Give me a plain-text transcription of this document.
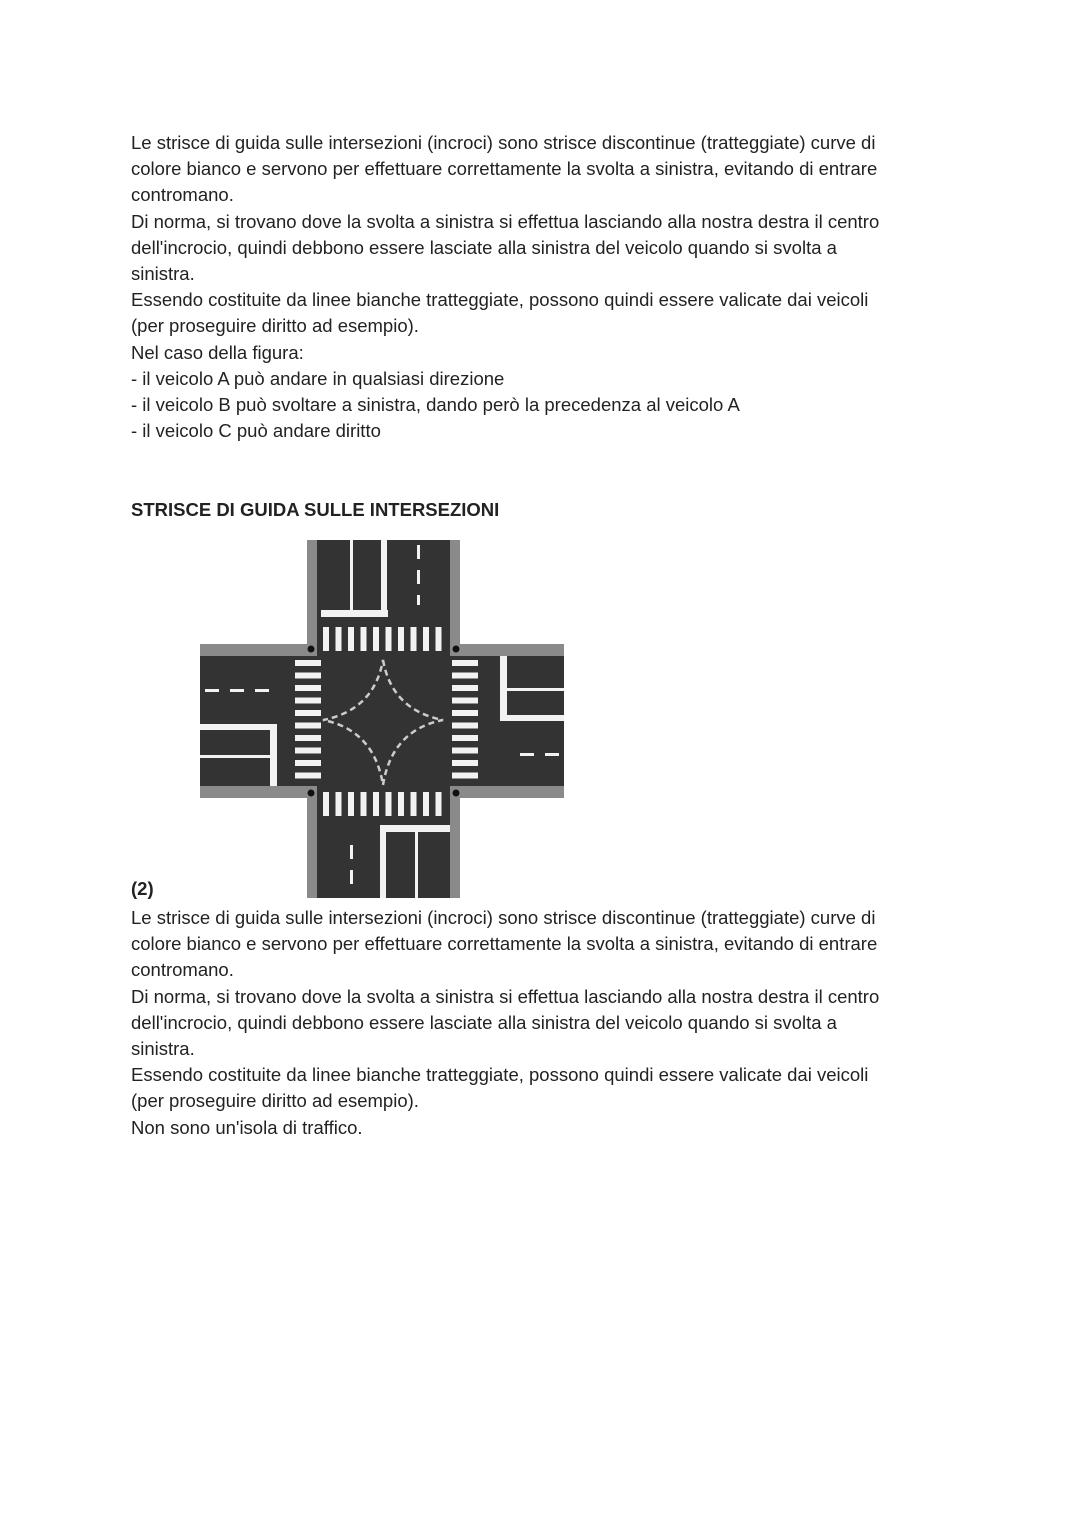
Le strisce di guida sulle intersezioni (incroci) sono strisce discontinue (tratteggiate) curve di
colore bianco e servono per effettuare correttamente la svolta a sinistra, evitando di entrare
contromano.
Di norma, si trovano dove la svolta a sinistra si effettua lasciando alla nostra destra il centro
dell'incrocio, quindi debbono essere lasciate alla sinistra del veicolo quando si svolta a
sinistra.
Essendo costituite da linee bianche tratteggiate, possono quindi essere valicate dai veicoli
(per proseguire diritto ad esempio).
Nel caso della figura:
- il veicolo A può andare in qualsiasi direzione
- il veicolo B può svoltare a sinistra, dando però la precedenza al veicolo A
- il veicolo C può andare diritto
STRISCE DI GUIDA SULLE INTERSEZIONI
(2)
Le strisce di guida sulle intersezioni (incroci) sono strisce discontinue (tratteggiate) curve di
colore bianco e servono per effettuare correttamente la svolta a sinistra, evitando di entrare
contromano.
Di norma, si trovano dove la svolta a sinistra si effettua lasciando alla nostra destra il centro
dell'incrocio, quindi debbono essere lasciate alla sinistra del veicolo quando si svolta a
sinistra.
Essendo costituite da linee bianche tratteggiate, possono quindi essere valicate dai veicoli
(per proseguire diritto ad esempio).
Non sono un'isola di traffico.
